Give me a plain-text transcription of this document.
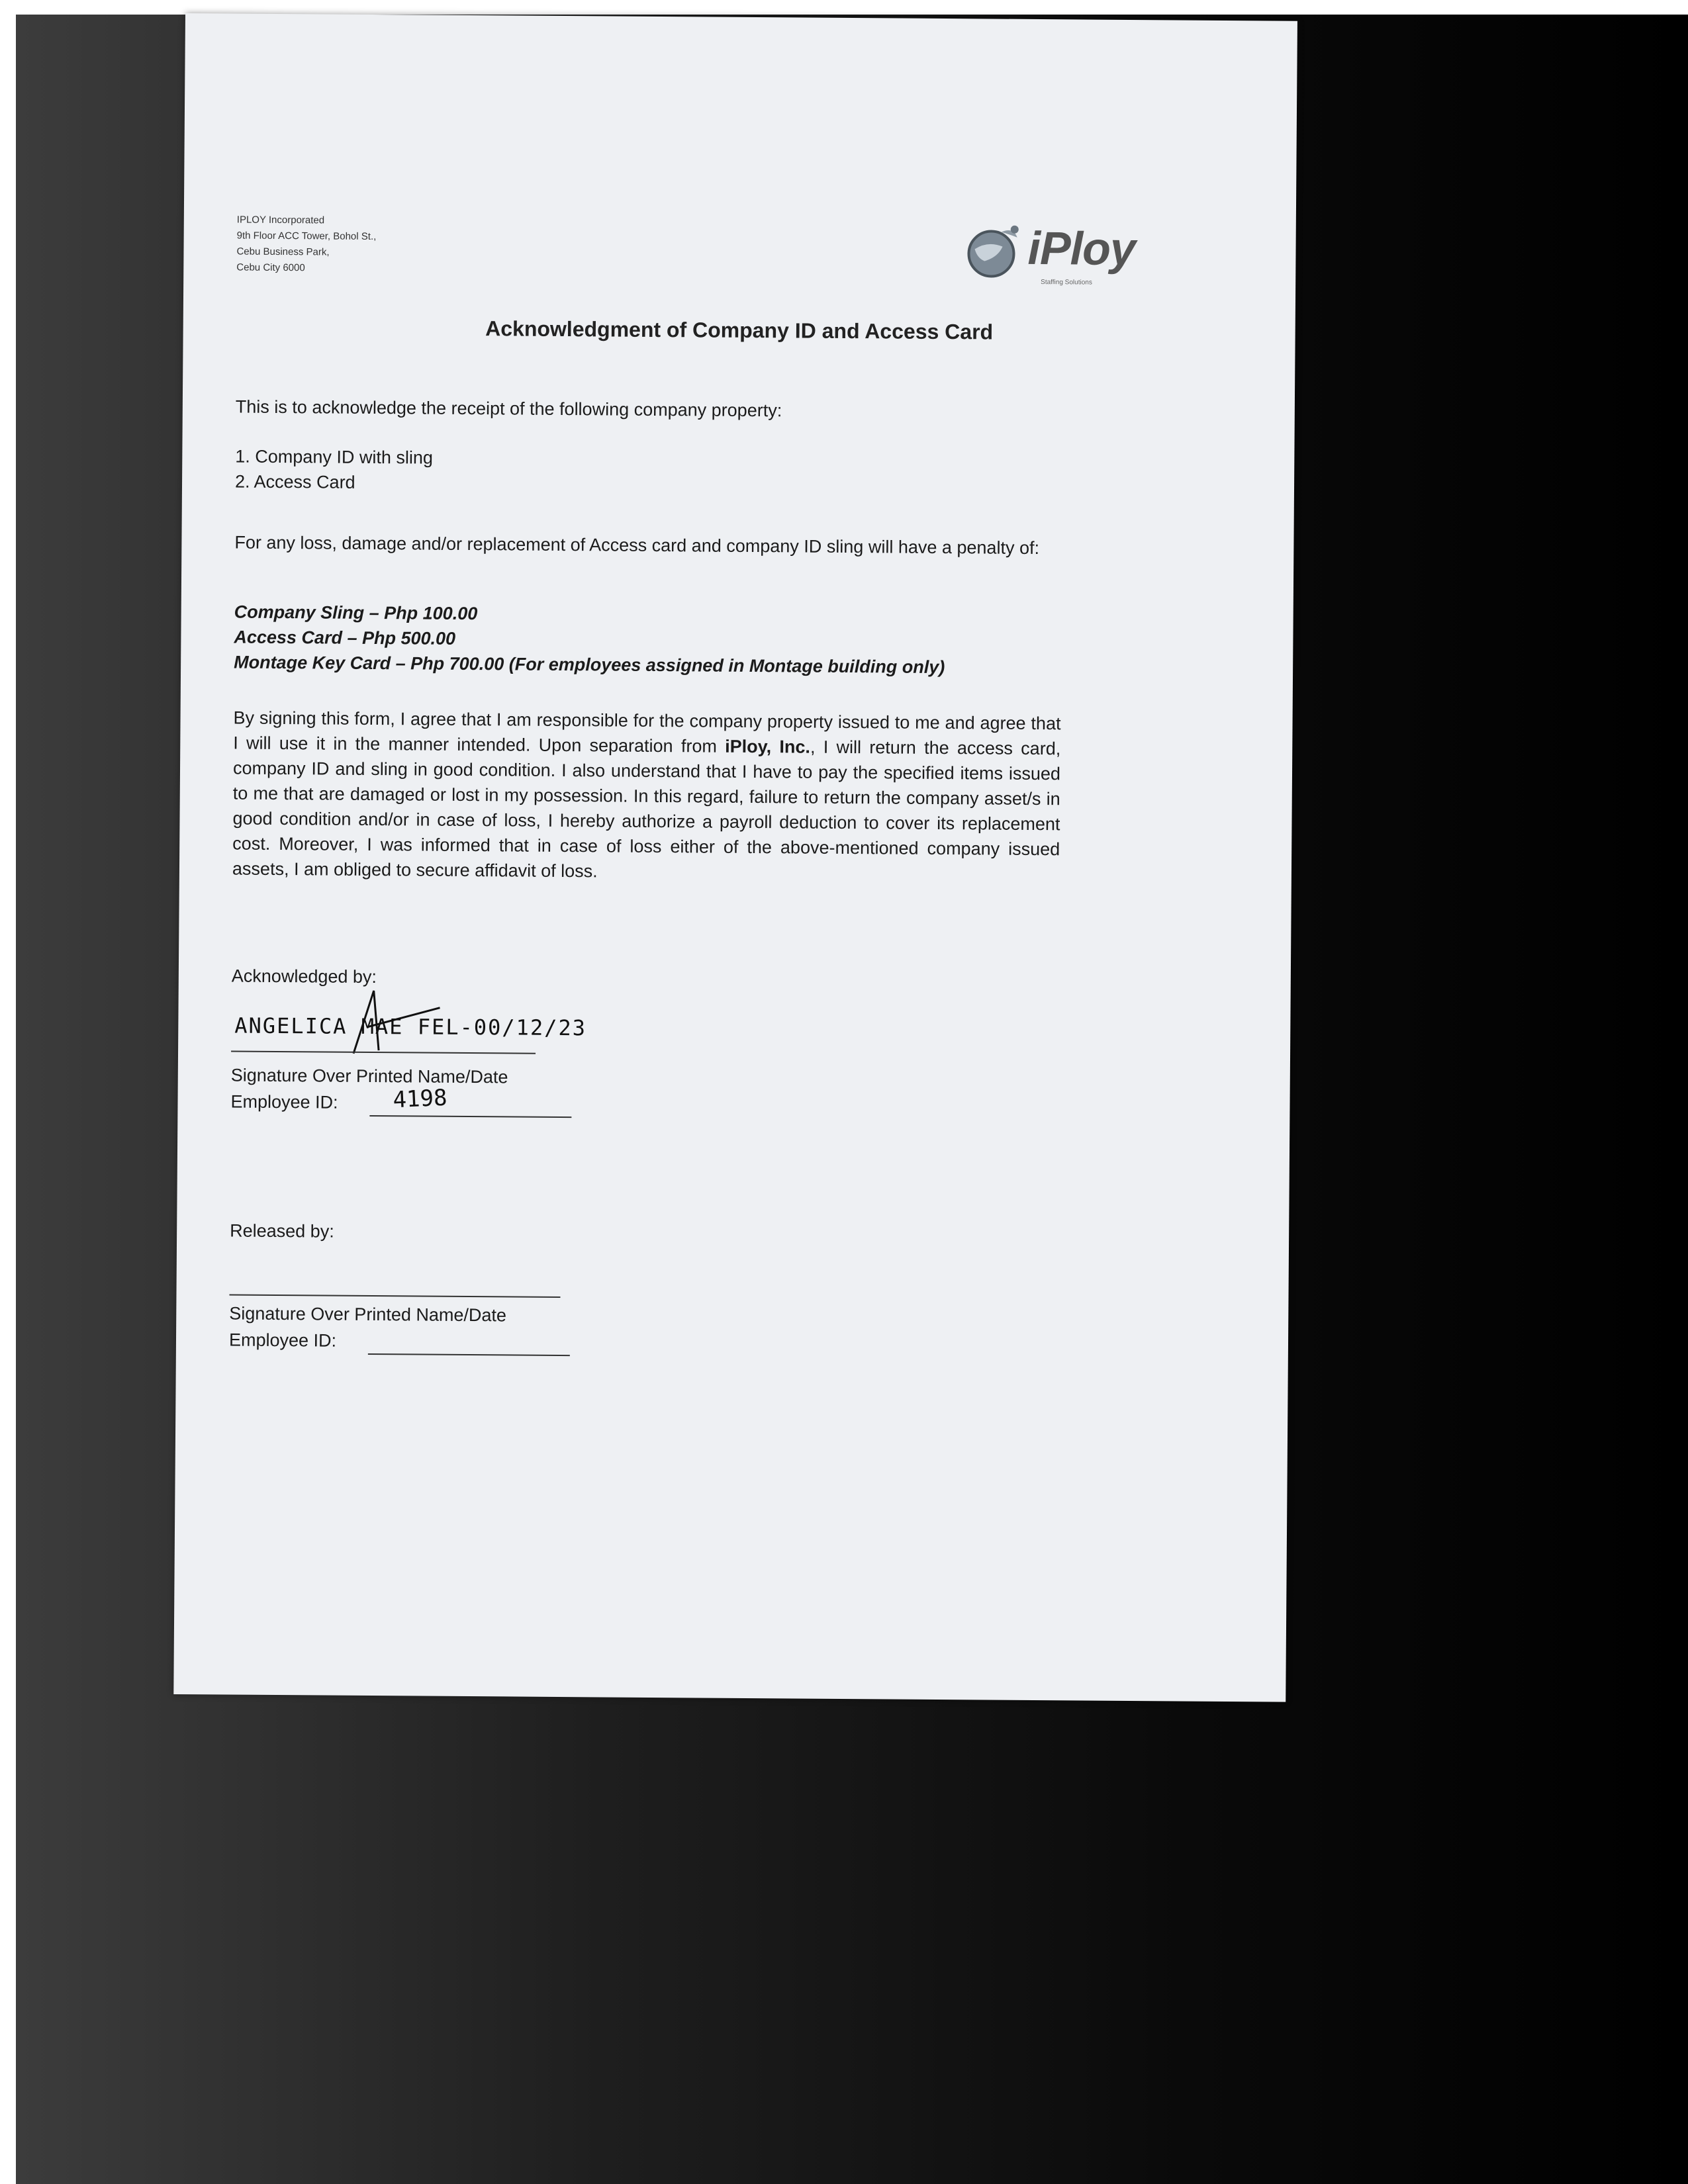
IPLOY Incorporated
9th Floor ACC Tower, Bohol St.,
Cebu Business Park,
Cebu City 6000	iPloy
Staffing Solutions
Acknowledgment of Company ID and Access Card
This is to acknowledge the receipt of the following company property:
1. Company ID with sling
2. Access Card
For any loss, damage and/or replacement of Access card and company ID sling will have a penalty of:
Company Sling – Php 100.00
Access Card – Php 500.00
Montage Key Card – Php 700.00 (For employees assigned in Montage building only)
By signing this form, I agree that I am responsible for the company property issued to me and agree that I will use it in the manner intended. Upon separation from iPloy, Inc., I will return the access card, company ID and sling in good condition. I also understand that I have to pay the specified items issued to me that are damaged or lost in my possession. In this regard, failure to return the company asset/s in good condition and/or in case of loss, I hereby authorize a payroll deduction to cover its replacement cost. Moreover, I was informed that in case of loss either of the above-mentioned company issued assets, I am obliged to secure affidavit of loss.
Acknowledged by:
ANGELICA MAE FEL-00/12/23
Signature Over Printed Name/Date
Employee ID: 4198
Released by:
Signature Over Printed Name/Date
Employee ID:
